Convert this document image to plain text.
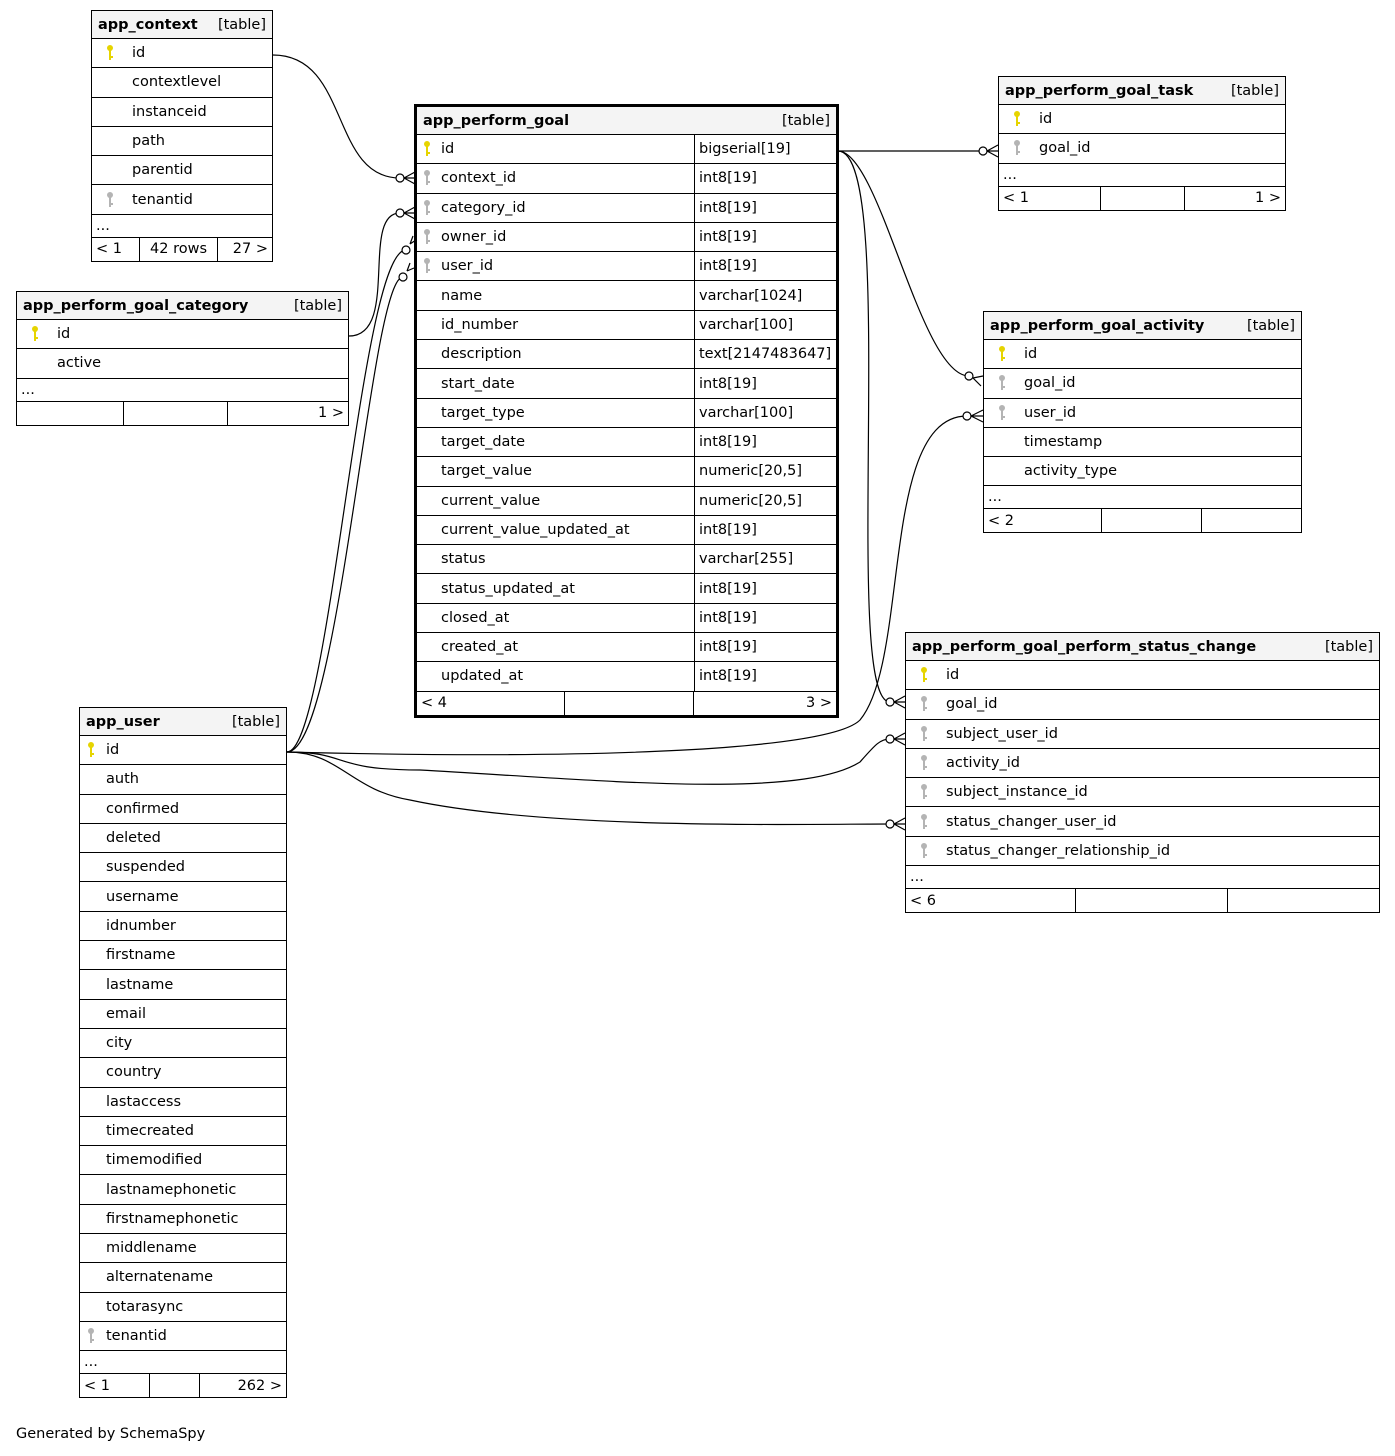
app_context [table]
id
contextlevel
instanceid
path
parentid
tenantid
...
< 1	42 rows	27 >
app_perform_goal_category	[table]
id
active
...
1 >
app_user	[table]
id
auth
confirmed
deleted
suspended
username
idnumber
firstname
lastname
email
city
country
lastaccess
timecreated
timemodified
lastnamephonetic
firstnamephonetic
middlename
alternatename
totarasync
tenantid
...
< 1	262 >
app_perform_goal	[table]
id	bigserial[19]
context_id	int8[19]
category_id	int8[19]
owner_id	int8[19]
user_id	int8[19]
name	varchar[1024]
id_number	varchar[100]
description	text[2147483647]
start_date	int8[19]
target_type	varchar[100]
target_date	int8[19]
target_value	numeric[20,5]
current_value	numeric[20,5]
current_value_updated_at	int8[19]
status	varchar[255]
status_updated_at	int8[19]
closed_at	int8[19]
created_at	int8[19]
updated_at	int8[19]
< 4	3 >
app_perform_goal_task	[table]
id
goal_id
...
< 1	1 >
app_perform_goal_activity	[table]
id
goal_id
user_id
timestamp
activity_type
...
< 2
app_perform_goal_perform_status_change	[table]
id
goal_id
subject_user_id
activity_id
subject_instance_id
status_changer_user_id
status_changer_relationship_id
...
< 6
Generated by SchemaSpy
